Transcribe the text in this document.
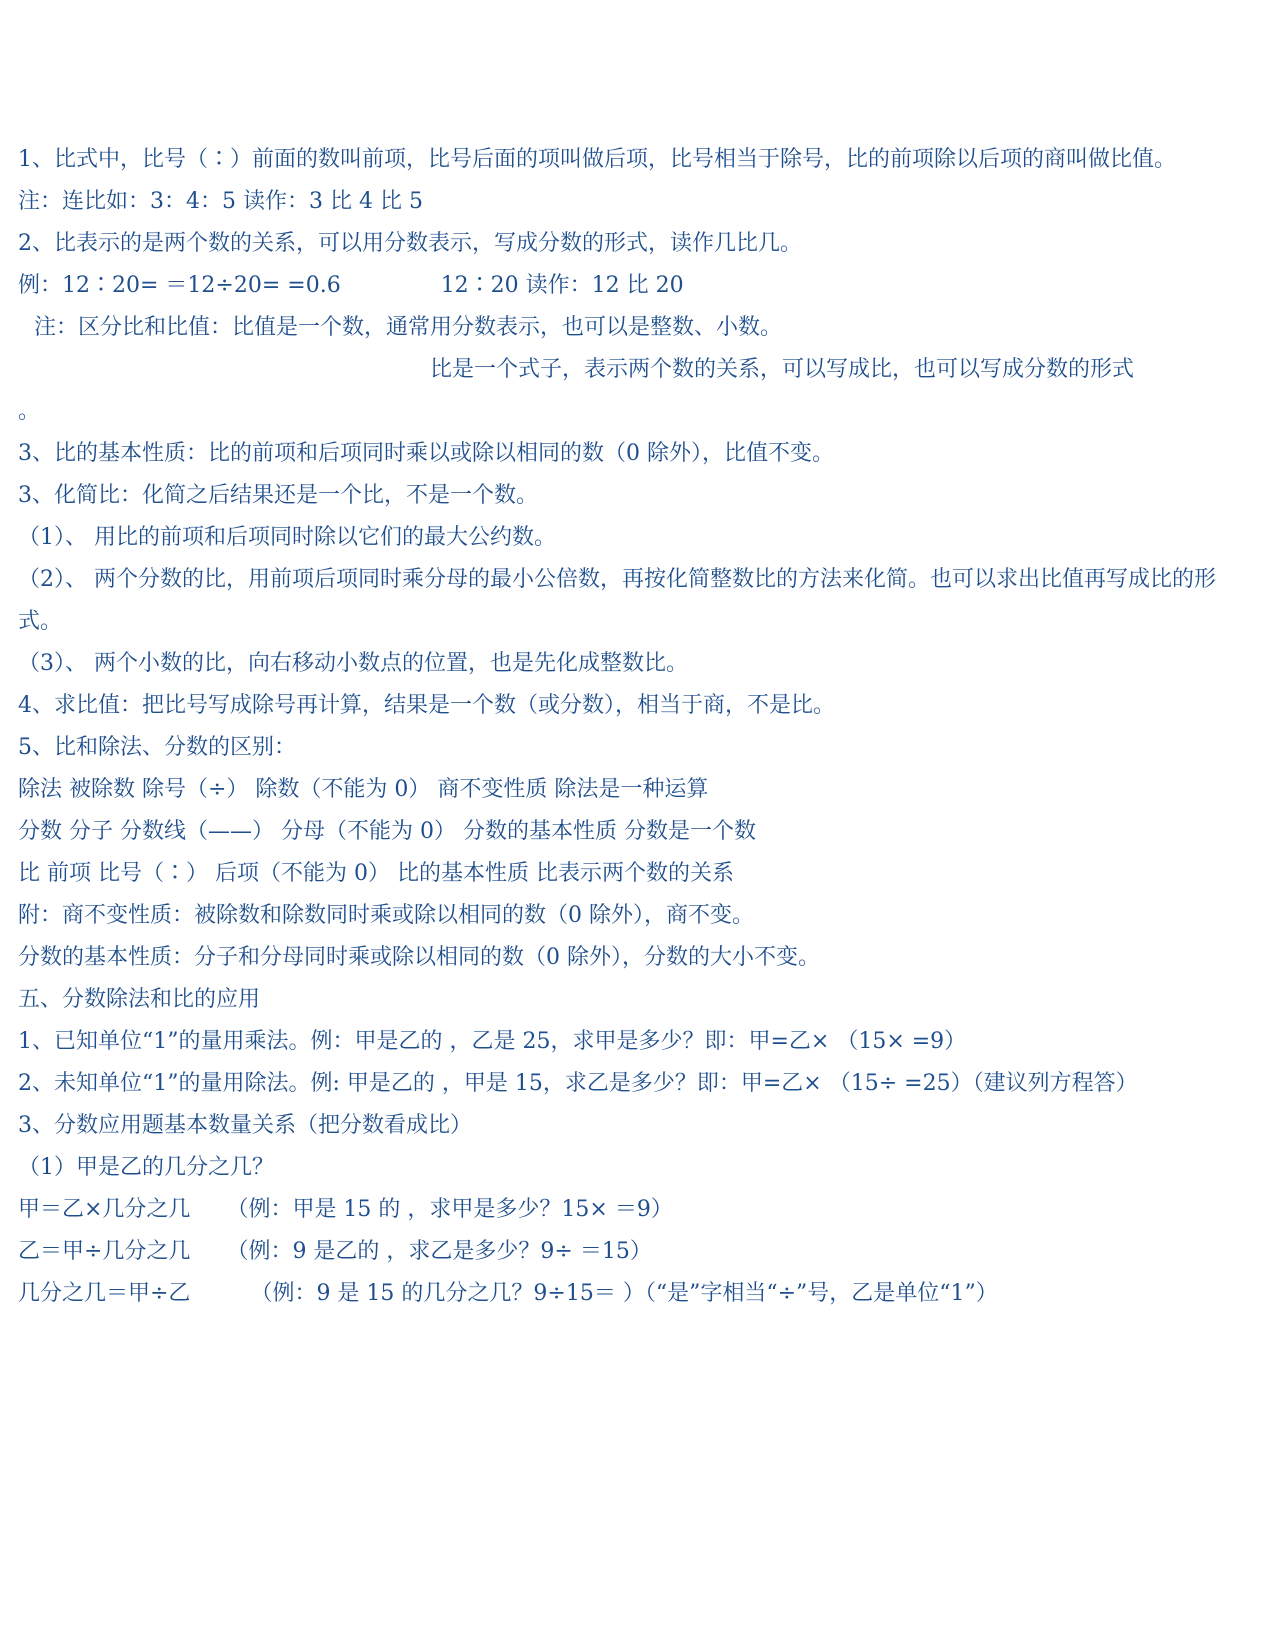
1、比式中，比号（∶）前面的数叫前项，比号后面的项叫做后项，比号相当于除号，比的前项除以后项的商叫做比值。
注：连比如：3：4：5 读作：3 比 4 比 5
2、比表示的是两个数的关系，可以用分数表示，写成分数的形式，读作几比几。
例：12∶20= ＝12÷20= =0.6	12∶20 读作：12 比 20
注：区分比和比值：比值是一个数，通常用分数表示，也可以是整数、小数。
比是一个式子，表示两个数的关系，可以写成比，也可以写成分数的形式
。
3、比的基本性质：比的前项和后项同时乘以或除以相同的数（0 除外），比值不变。
3、化简比：化简之后结果还是一个比，不是一个数。
（1）、 用比的前项和后项同时除以它们的最大公约数。
（2）、 两个分数的比，用前项后项同时乘分母的最小公倍数，再按化简整数比的方法来化简。也可以求出比值再写成比的形式。
（3）、 两个小数的比，向右移动小数点的位置，也是先化成整数比。
4、求比值：把比号写成除号再计算，结果是一个数（或分数），相当于商，不是比。
5、比和除法、分数的区别：
除法 被除数 除号（÷） 除数（不能为 0） 商不变性质 除法是一种运算
分数 分子 分数线（——） 分母（不能为 0） 分数的基本性质 分数是一个数
比 前项 比号（∶） 后项（不能为 0） 比的基本性质 比表示两个数的关系
附：商不变性质：被除数和除数同时乘或除以相同的数（0 除外），商不变。
分数的基本性质：分子和分母同时乘或除以相同的数（0 除外），分数的大小不变。
五、分数除法和比的应用
1、已知单位“1”的量用乘法。例：甲是乙的 ，乙是 25，求甲是多少？即：甲=乙× （15× =9）
2、未知单位“1”的量用除法。例: 甲是乙的 ，甲是 15，求乙是多少？即：甲=乙× （15÷ =25）（建议列方程答）
3、分数应用题基本数量关系（把分数看成比）
（1）甲是乙的几分之几？
甲＝乙×几分之几 （例：甲是 15 的 ，求甲是多少？15× ＝9）
乙＝甲÷几分之几 （例：9 是乙的 ，求乙是多少？9÷ ＝15）
几分之几＝甲÷乙	（例：9 是 15 的几分之几？9÷15＝ ）（“是”字相当“÷”号，乙是单位“1”）
